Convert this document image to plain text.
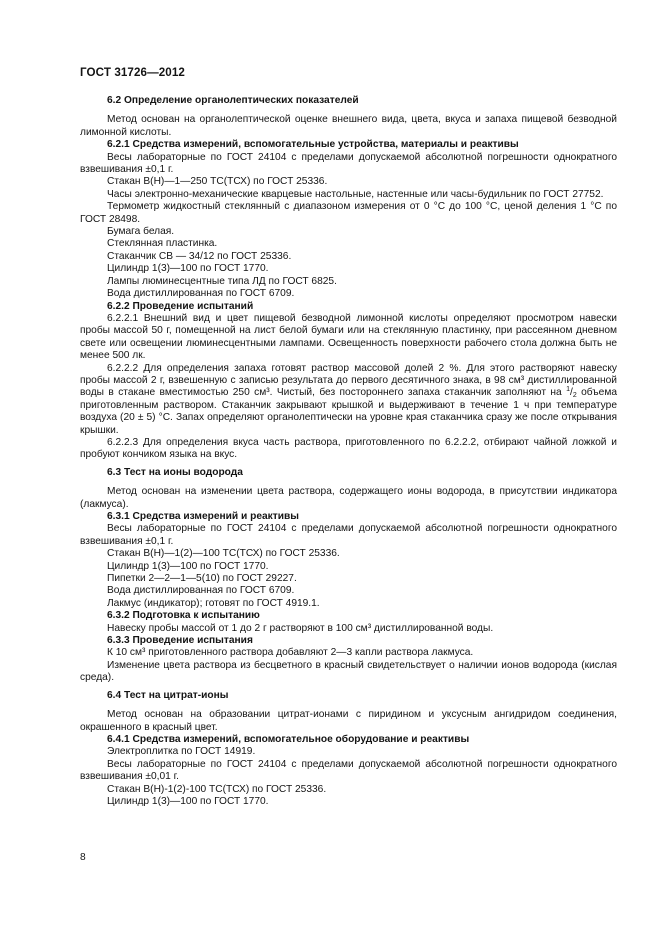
ГОСТ 31726—2012

6.2 Определение органолептических показателей

Метод основан на органолептической оценке внешнего вида, цвета, вкуса и запаха пищевой безводной лимонной кислоты.

6.2.1 Средства измерений, вспомогательные устройства, материалы и реактивы

Весы лабораторные по ГОСТ 24104 с пределами допускаемой абсолютной погрешности однократного взвешивания ±0,1 г.

Стакан В(Н)—1—250 ТС(ТСХ) по ГОСТ 25336.

Часы электронно-механические кварцевые настольные, настенные или часы-будильник по ГОСТ 27752.

Термометр жидкостный стеклянный с диапазоном измерения от 0 °С до 100 °С, ценой деления 1 °С по ГОСТ 28498.

Бумага белая.

Стеклянная пластинка.

Стаканчик СВ — 34/12 по ГОСТ 25336.

Цилиндр 1(3)—100 по ГОСТ 1770.

Лампы люминесцентные типа ЛД по ГОСТ 6825.

Вода дистиллированная по ГОСТ 6709.

6.2.2 Проведение испытаний

6.2.2.1 Внешний вид и цвет пищевой безводной лимонной кислоты определяют просмотром навески пробы массой 50 г, помещенной на лист белой бумаги или на стеклянную пластинку, при рассеянном дневном свете или освещении люминесцентными лампами. Освещенность поверхности рабочего стола должна быть не менее 500 лк.

6.2.2.2 Для определения запаха готовят раствор массовой долей 2 %. Для этого растворяют навеску пробы массой 2 г, взвешенную с записью результата до первого десятичного знака, в 98 см³ дистиллированной воды в стакане вместимостью 250 см³. Чистый, без постороннего запаха стаканчик заполняют на $^1/_2$ объема приготовленным раствором. Стаканчик закрывают крышкой и выдерживают в течение 1 ч при температуре воздуха (20 ± 5) °С. Запах определяют органолептически на уровне края стаканчика сразу же после открывания крышки.

6.2.2.3 Для определения вкуса часть раствора, приготовленного по 6.2.2.2, отбирают чайной ложкой и пробуют кончиком языка на вкус.

6.3 Тест на ионы водорода

Метод основан на изменении цвета раствора, содержащего ионы водорода, в присутствии индикатора (лакмуса).

6.3.1 Средства измерений и реактивы

Весы лабораторные по ГОСТ 24104 с пределами допускаемой абсолютной погрешности однократного взвешивания ±0,1 г.

Стакан В(Н)—1(2)—100 ТС(ТСХ) по ГОСТ 25336.

Цилиндр 1(3)—100 по ГОСТ 1770.

Пипетки 2—2—1—5(10) по ГОСТ 29227.

Вода дистиллированная по ГОСТ 6709.

Лакмус (индикатор); готовят по ГОСТ 4919.1.

6.3.2 Подготовка к испытанию

Навеску пробы массой от 1 до 2 г растворяют в 100 см³ дистиллированной воды.

6.3.3 Проведение испытания

К 10 см³ приготовленного раствора добавляют 2—3 капли раствора лакмуса.

Изменение цвета раствора из бесцветного в красный свидетельствует о наличии ионов водорода (кислая среда).

6.4 Тест на цитрат-ионы

Метод основан на образовании цитрат-ионами с пиридином и уксусным ангидридом соединения, окрашенного в красный цвет.

6.4.1 Средства измерений, вспомогательное оборудование и реактивы

Электроплитка по ГОСТ 14919.

Весы лабораторные по ГОСТ 24104 с пределами допускаемой абсолютной погрешности однократного взвешивания ±0,01 г.

Стакан В(Н)-1(2)-100 ТС(ТСХ) по ГОСТ 25336.

Цилиндр 1(3)—100 по ГОСТ 1770.

8
